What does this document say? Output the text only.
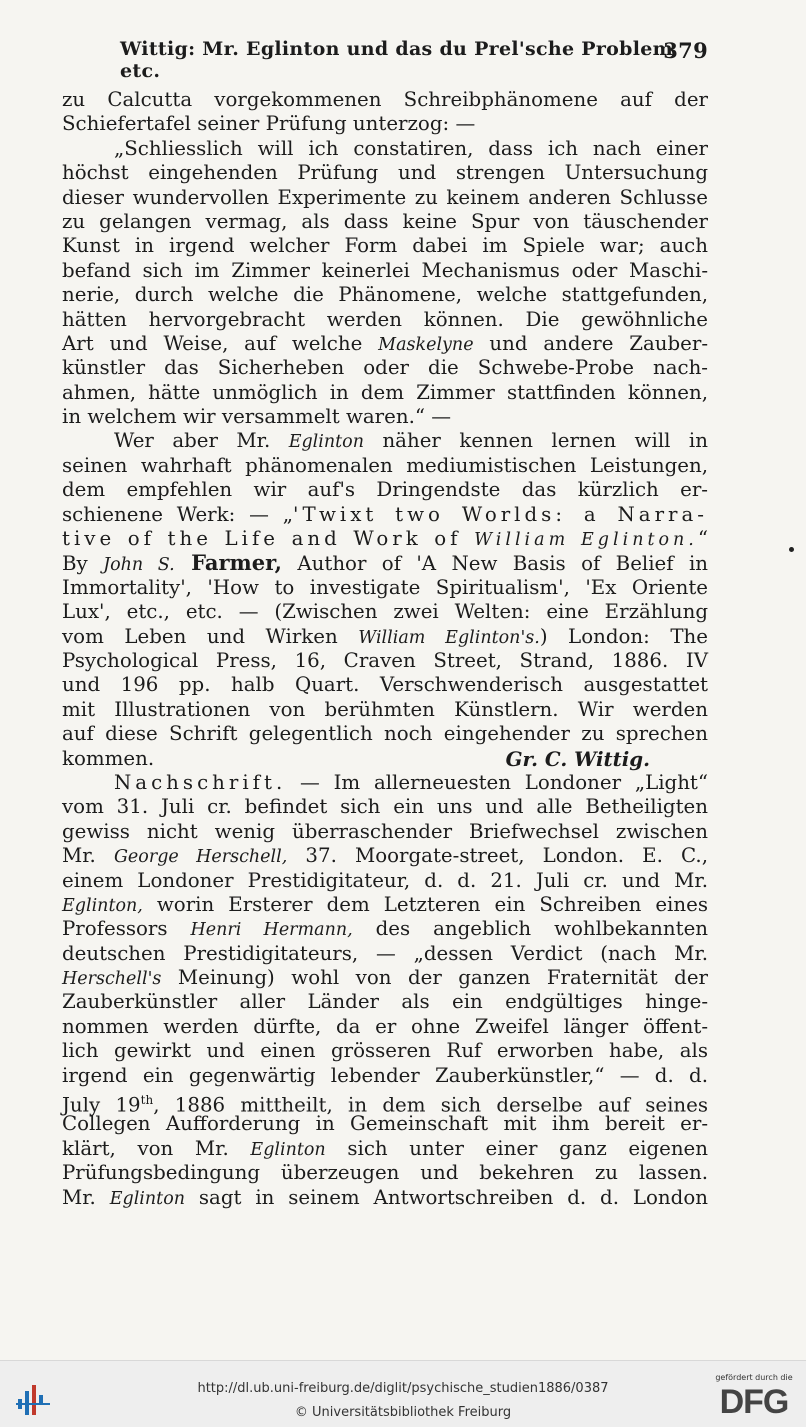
Wittig: Mr. Eglinton und das du Prel'sche Problem etc.
379
zu Calcutta vorgekommenen Schreibphänomene auf der
Schiefertafel seiner Prüfung unterzog: —
„Schliesslich will ich constatiren, dass ich nach einer
höchst eingehenden Prüfung und strengen Untersuchung
dieser wundervollen Experimente zu keinem anderen Schlusse
zu gelangen vermag, als dass keine Spur von täuschender
Kunst in irgend welcher Form dabei im Spiele war; auch
befand sich im Zimmer keinerlei Mechanismus oder Maschi-
nerie, durch welche die Phänomene, welche stattgefunden,
hätten hervorgebracht werden können. Die gewöhnliche
Art und Weise, auf welche Maskelyne und andere Zauber-
künstler das Sicherheben oder die Schwebe-Probe nach-
ahmen, hätte unmöglich in dem Zimmer stattfinden können,
in welchem wir versammelt waren.“ —
Wer aber Mr. Eglinton näher kennen lernen will in
seinen wahrhaft phänomenalen mediumistischen Leistungen,
dem empfehlen wir auf's Dringendste das kürzlich er-
schienene Werk: — „'Twixt two Worlds: a Narra-
tive of the Life and Work of William Eglinton.“
By John S. Farmer, Author of 'A New Basis of Belief in
Immortality', 'How to investigate Spiritualism', 'Ex Oriente
Lux', etc., etc. — (Zwischen zwei Welten: eine Erzählung
vom Leben und Wirken William Eglinton's.) London: The
Psychological Press, 16, Craven Street, Strand, 1886. IV
und 196 pp. halb Quart. Verschwenderisch ausgestattet
mit Illustrationen von berühmten Künstlern. Wir werden
auf diese Schrift gelegentlich noch eingehender zu sprechen
kommen.	Gr. C. Wittig.
Nachschrift. — Im allerneuesten Londoner „Light“
vom 31. Juli cr. befindet sich ein uns und alle Betheiligten
gewiss nicht wenig überraschender Briefwechsel zwischen
Mr. George Herschell, 37. Moorgate-street, London. E. C.,
einem Londoner Prestidigitateur, d. d. 21. Juli cr. und Mr.
Eglinton, worin Ersterer dem Letzteren ein Schreiben eines
Professors Henri Hermann, des angeblich wohlbekannten
deutschen Prestidigitateurs, — „dessen Verdict (nach Mr.
Herschell's Meinung) wohl von der ganzen Fraternität der
Zauberkünstler aller Länder als ein endgültiges hinge-
nommen werden dürfte, da er ohne Zweifel länger öffent-
lich gewirkt und einen grösseren Ruf erworben habe, als
irgend ein gegenwärtig lebender Zauberkünstler,“ — d. d.
July 19th, 1886 mittheilt, in dem sich derselbe auf seines
Collegen Aufforderung in Gemeinschaft mit ihm bereit er-
klärt, von Mr. Eglinton sich unter einer ganz eigenen
Prüfungsbedingung überzeugen und bekehren zu lassen.
Mr. Eglinton sagt in seinem Antwortschreiben d. d. London
http://dl.ub.uni-freiburg.de/diglit/psychische_studien1886/0387
© Universitätsbibliothek Freiburg
gefördert durch die
DFG
